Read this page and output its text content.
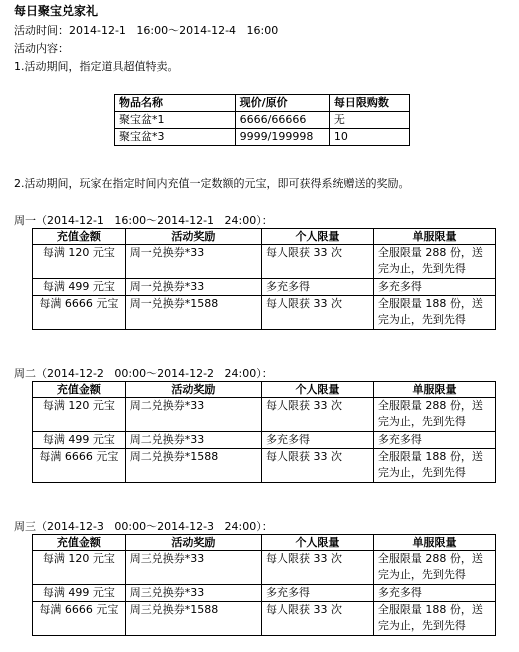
每日聚宝兑家礼
活动时间：2014-12-1   16:00～2014-12-4   16:00
活动内容：
1.活动期间，指定道具超值特卖。
物品名称	现价/原价	每日限购数
聚宝盆*1	6666/66666	无
聚宝盆*3	9999/199998	10
2.活动期间，玩家在指定时间内充值一定数额的元宝，即可获得系统赠送的奖励。
周一（2014-12-1   16:00～2014-12-1   24:00）：
充值金额	活动奖励	个人限量	单服限量
每满 120 元宝	周一兑换券*33	每人限获 33 次	全服限量 288 份，送完为止，先到先得
每满 499 元宝	周一兑换券*33	多充多得	多充多得
每满 6666 元宝	周一兑换券*1588	每人限获 33 次	全服限量 188 份，送完为止，先到先得
周二（2014-12-2   00:00～2014-12-2   24:00）：
充值金额	活动奖励	个人限量	单服限量
每满 120 元宝	周二兑换券*33	每人限获 33 次	全服限量 288 份，送完为止，先到先得
每满 499 元宝	周二兑换券*33	多充多得	多充多得
每满 6666 元宝	周二兑换券*1588	每人限获 33 次	全服限量 188 份，送完为止，先到先得
周三（2014-12-3   00:00～2014-12-3   24:00）：
充值金额	活动奖励	个人限量	单服限量
每满 120 元宝	周三兑换券*33	每人限获 33 次	全服限量 288 份，送完为止，先到先得
每满 499 元宝	周三兑换券*33	多充多得	多充多得
每满 6666 元宝	周三兑换券*1588	每人限获 33 次	全服限量 188 份，送完为止，先到先得
